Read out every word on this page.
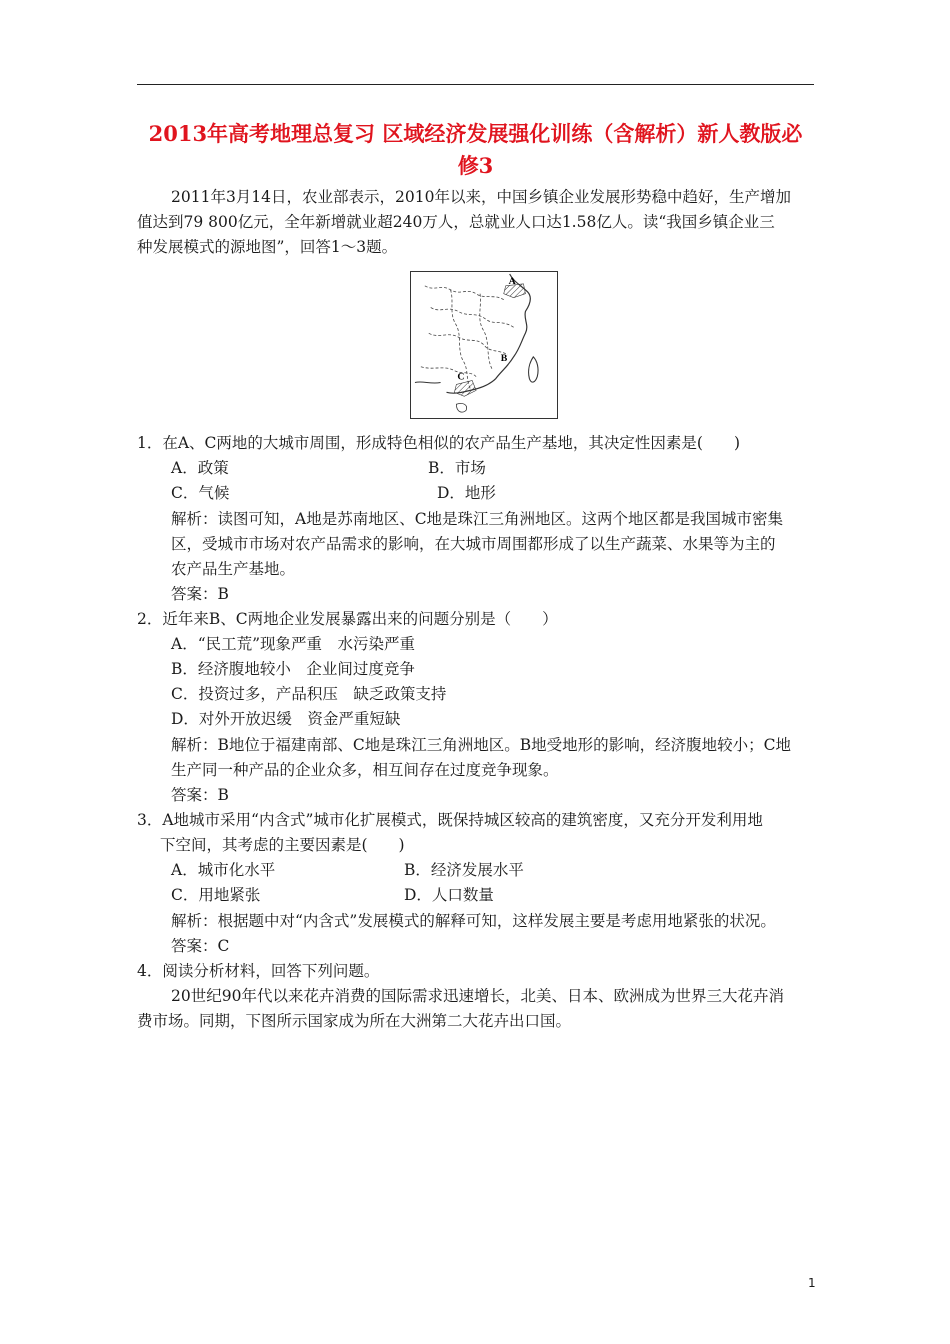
2013年高考地理总复习 区域经济发展强化训练（含解析）新人教版必
修3
2011年3月14日，农业部表示，2010年以来，中国乡镇企业发展形势稳中趋好，生产增加
值达到79 800亿元，全年新增就业超240万人，总就业人口达1.58亿人。读“我国乡镇企业三
种发展模式的源地图”，回答1～3题。
A
B
C
1．在A、C两地的大城市周围，形成特色相似的农产品生产基地，其决定性因素是(　　)
A．政策	B．市场
C．气候	D．地形
解析：读图可知，A地是苏南地区、C地是珠江三角洲地区。这两个地区都是我国城市密集
区，受城市市场对农产品需求的影响，在大城市周围都形成了以生产蔬菜、水果等为主的
农产品生产基地。
答案：B
2．近年来B、C两地企业发展暴露出来的问题分别是（　　）
A．“民工荒”现象严重　水污染严重
B．经济腹地较小　企业间过度竞争
C．投资过多，产品积压　缺乏政策支持
D．对外开放迟缓　资金严重短缺
解析：B地位于福建南部、C地是珠江三角洲地区。B地受地形的影响，经济腹地较小；C地
生产同一种产品的企业众多，相互间存在过度竞争现象。
答案：B
3．A地城市采用“内含式”城市化扩展模式，既保持城区较高的建筑密度，又充分开发利用地
下空间，其考虑的主要因素是(　　)
A．城市化水平	B．经济发展水平
C．用地紧张	D．人口数量
解析：根据题中对“内含式”发展模式的解释可知，这样发展主要是考虑用地紧张的状况。
答案：C
4．阅读分析材料，回答下列问题。
20世纪90年代以来花卉消费的国际需求迅速增长，北美、日本、欧洲成为世界三大花卉消
费市场。同期，下图所示国家成为所在大洲第二大花卉出口国。
1
